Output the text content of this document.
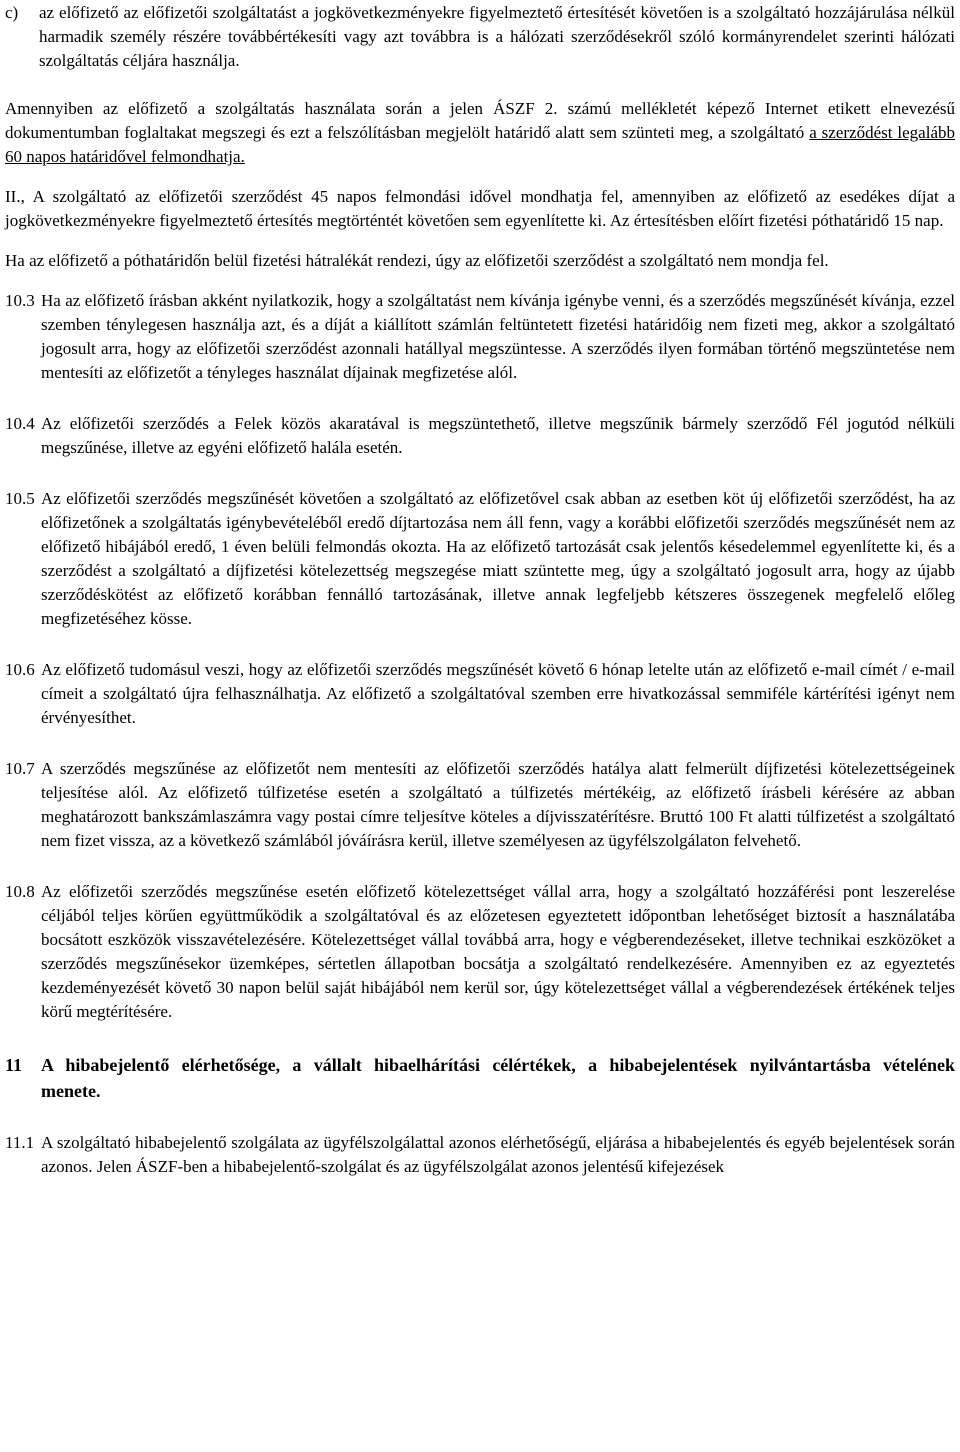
c)	az előfizető az előfizetői szolgáltatást a jogkövetkezményekre figyelmeztető értesítését követően is a szolgáltató hozzájárulása nélkül harmadik személy részére továbbértékesíti vagy azt továbbra is a hálózati szerződésekről szóló kormányrendelet szerinti hálózati szolgáltatás céljára használja.

Amennyiben az előfizető a szolgáltatás használata során a jelen ÁSZF 2. számú mellékletét képező Internet etikett elnevezésű dokumentumban foglaltakat megszegi és ezt a felszólításban megjelölt határidő alatt sem szünteti meg, a szolgáltató a szerződést legalább 60 napos határidővel felmondhatja.

II., A szolgáltató az előfizetői szerződést 45 napos felmondási idővel mondhatja fel, amennyiben az előfizető az esedékes díjat a jogkövetkezményekre figyelmeztető értesítés megtörténtét követően sem egyenlítette ki. Az értesítésben előírt fizetési póthatáridő 15 nap.

Ha az előfizető a póthatáridőn belül fizetési hátralékát rendezi, úgy az előfizetői szerződést a szolgáltató nem mondja fel.

10.3 Ha az előfizető írásban akként nyilatkozik, hogy a szolgáltatást nem kívánja igénybe venni, és a szerződés megszűnését kívánja, ezzel szemben ténylegesen használja azt, és a díját a kiállított számlán feltüntetett fizetési határidőig nem fizeti meg, akkor a szolgáltató jogosult arra, hogy az előfizetői szerződést azonnali hatállyal megszüntesse. A szerződés ilyen formában történő megszüntetése nem mentesíti az előfizetőt a tényleges használat díjainak megfizetése alól.
10.4 Az előfizetői szerződés a Felek közös akaratával is megszüntethető, illetve megszűnik bármely szerződő Fél jogutód nélküli megszűnése, illetve az egyéni előfizető halála esetén.
10.5 Az előfizetői szerződés megszűnését követően a szolgáltató az előfizetővel csak abban az esetben köt új előfizetői szerződést, ha az előfizetőnek a szolgáltatás igénybevételéből eredő díjtartozása nem áll fenn, vagy a korábbi előfizetői szerződés megszűnését nem az előfizető hibájából eredő, 1 éven belüli felmondás okozta. Ha az előfizető tartozását csak jelentős késedelemmel egyenlítette ki, és a szerződést a szolgáltató a díjfizetési kötelezettség megszegése miatt szüntette meg, úgy a szolgáltató jogosult arra, hogy az újabb szerződéskötést az előfizető korábban fennálló tartozásának, illetve annak legfeljebb kétszeres összegenek megfelelő előleg megfizetéséhez kösse.
10.6 Az előfizető tudomásul veszi, hogy az előfizetői szerződés megszűnését követő 6 hónap letelte után az előfizető e-mail címét / e-mail címeit a szolgáltató újra felhasználhatja. Az előfizető a szolgáltatóval szemben erre hivatkozással semmiféle kártérítési igényt nem érvényesíthet.
10.7 A szerződés megszűnése az előfizetőt nem mentesíti az előfizetői szerződés hatálya alatt felmerült díjfizetési kötelezettségeinek teljesítése alól. Az előfizető túlfizetése esetén a szolgáltató a túlfizetés mértékéig, az előfizető írásbeli kérésére az abban meghatározott bankszámlaszámra vagy postai címre teljesítve köteles a díjvisszatérítésre. Bruttó 100 Ft alatti túlfizetést a szolgáltató nem fizet vissza, az a következő számlából jóváírásra kerül, illetve személyesen az ügyfélszolgálaton felvehető.
10.8 Az előfizetői szerződés megszűnése esetén előfizető kötelezettséget vállal arra, hogy a szolgáltató hozzáférési pont leszerelése céljából teljes körűen együttműködik a szolgáltatóval és az előzetesen egyeztetett időpontban lehetőséget biztosít a használatába bocsátott eszközök visszavételezésére. Kötelezettséget vállal továbbá arra, hogy e végberendezéseket, illetve technikai eszközöket a szerződés megszűnésekor üzemképes, sértetlen állapotban bocsátja a szolgáltató rendelkezésére. Amennyiben ez az egyeztetés kezdeményezését követő 30 napon belül saját hibájából nem kerül sor, úgy kötelezettséget vállal a végberendezések értékének teljes körű megtérítésére.
11	A hibabejelentő elérhetősége, a vállalt hibaelhárítási célértékek, a hibabejelentések nyilvántartásba vételének menete.
11.1 A szolgáltató hibabejelentő szolgálata az ügyfélszolgálattal azonos elérhetőségű, eljárása a hibabejelentés és egyéb bejelentések során azonos. Jelen ÁSZF-ben a hibabejelentő-szolgálat és az ügyfélszolgálat azonos jelentésű kifejezések
